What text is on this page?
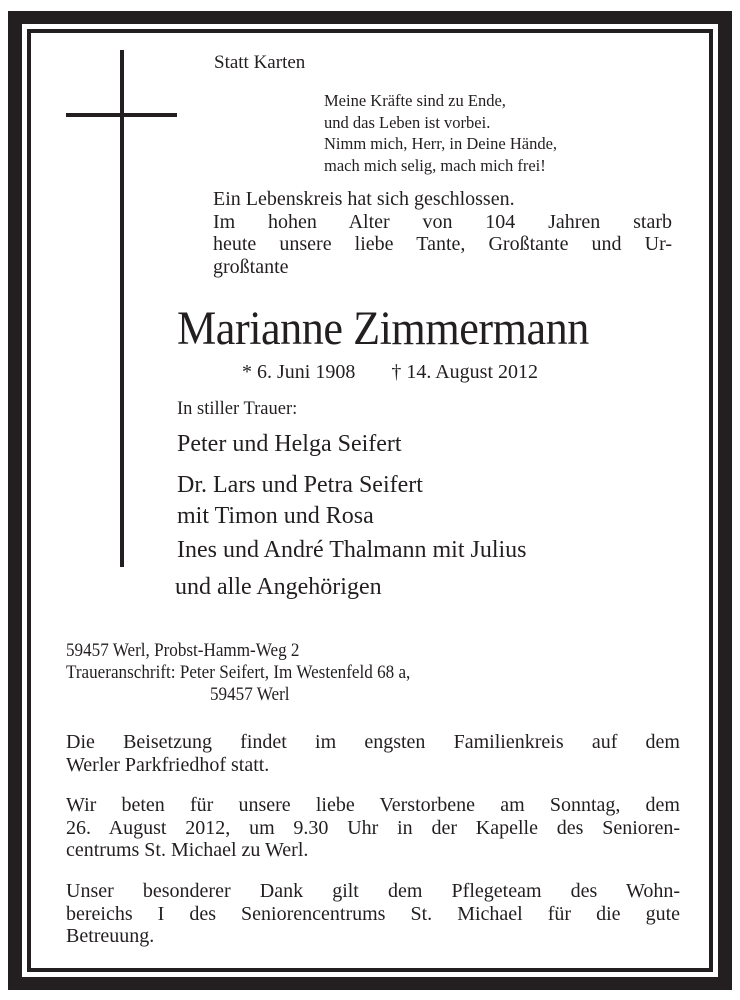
Statt Karten
Meine Kräfte sind zu Ende,
und das Leben ist vorbei.
Nimm mich, Herr, in Deine Hände,
mach mich selig, mach mich frei!
Ein Lebenskreis hat sich geschlossen.
Im hohen Alter von 104 Jahren starb
heute unsere liebe Tante, Großtante und Ur-
großtante
Marianne Zimmermann
* 6. Juni 1908 † 14. August 2012
In stiller Trauer:
Peter und Helga Seifert
Dr. Lars und Petra Seifert
mit Timon und Rosa
Ines und André Thalmann mit Julius
und alle Angehörigen
59457 Werl, Probst-Hamm-Weg 2
Traueranschrift: Peter Seifert, Im Westenfeld 68 a,
59457 Werl
Die Beisetzung findet im engsten Familienkreis auf dem
Werler Parkfriedhof statt.
Wir beten für unsere liebe Verstorbene am Sonntag, dem
26. August 2012, um 9.30 Uhr in der Kapelle des Senioren-
centrums St. Michael zu Werl.
Unser besonderer Dank gilt dem Pflegeteam des Wohn-
bereichs I des Seniorencentrums St. Michael für die gute
Betreuung.
